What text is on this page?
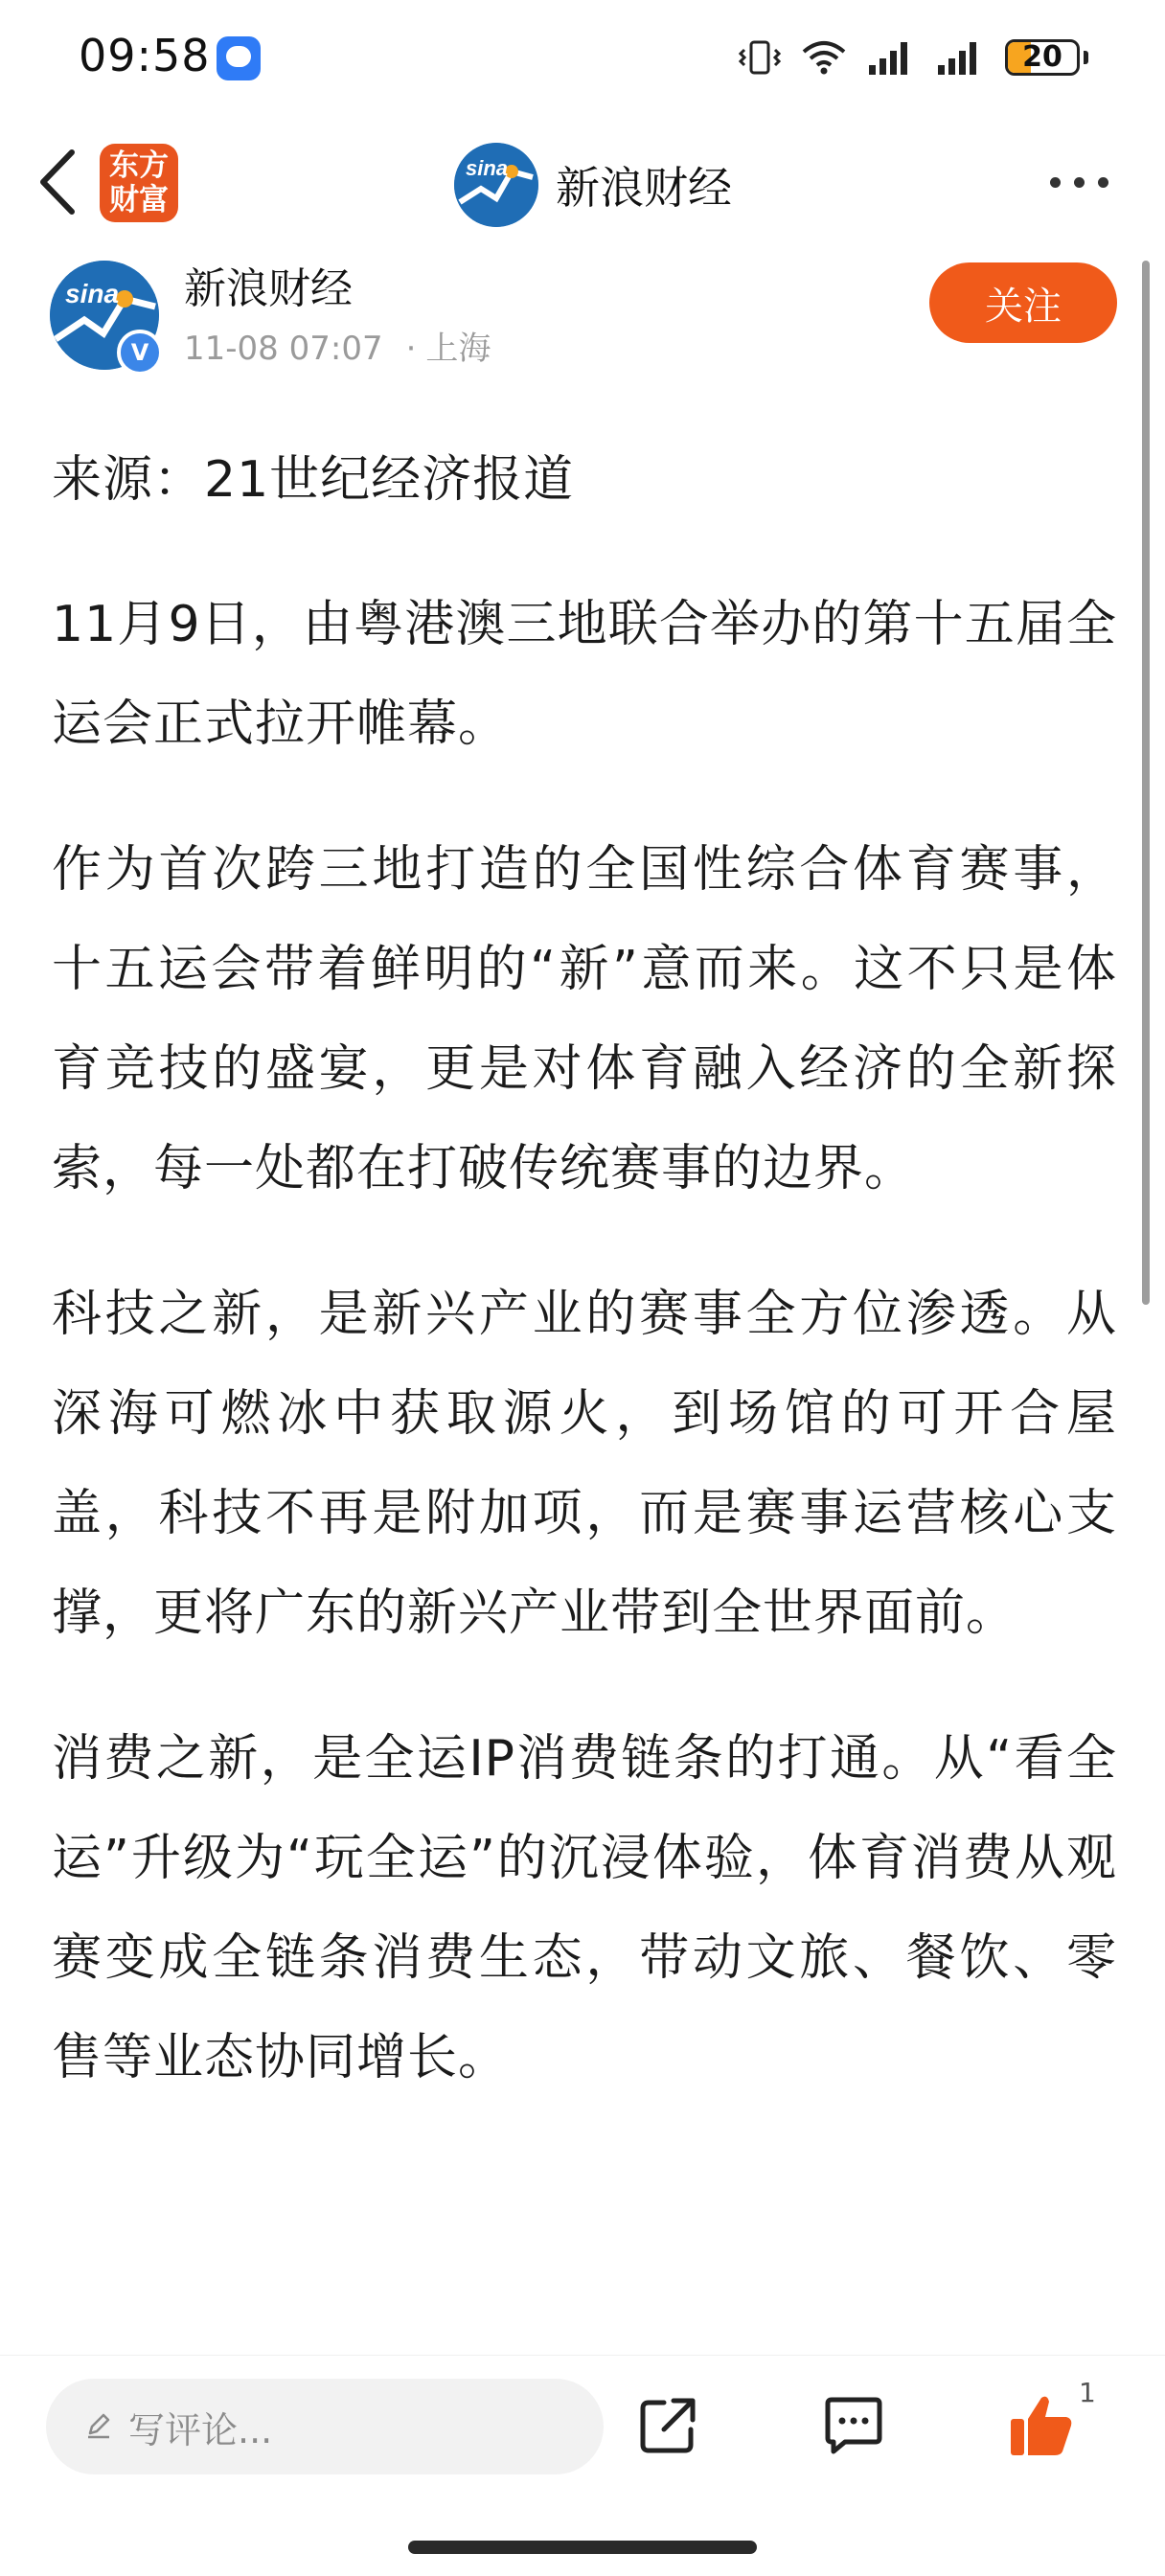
09:58	20
东方
财富
sina 新浪财经
sina
V
新浪财经
11-08 07:07 · 上海
关注

来源：21世纪经济报道

11月9日，由粤港澳三地联合举办的第十五届全运会正式拉开帷幕。

作为首次跨三地打造的全国性综合体育赛事，十五运会带着鲜明的“新”意而来。这不只是体育竞技的盛宴，更是对体育融入经济的全新探索，每一处都在打破传统赛事的边界。

科技之新，是新兴产业的赛事全方位渗透。从深海可燃冰中获取源火，到场馆的可开合屋盖，科技不再是附加项，而是赛事运营核心支撑，更将广东的新兴产业带到全世界面前。

消费之新，是全运IP消费链条的打通。从“看全运”升级为“玩全运”的沉浸体验，体育消费从观赛变成全链条消费生态，带动文旅、餐饮、零售等业态协同增长。

写评论...
1
